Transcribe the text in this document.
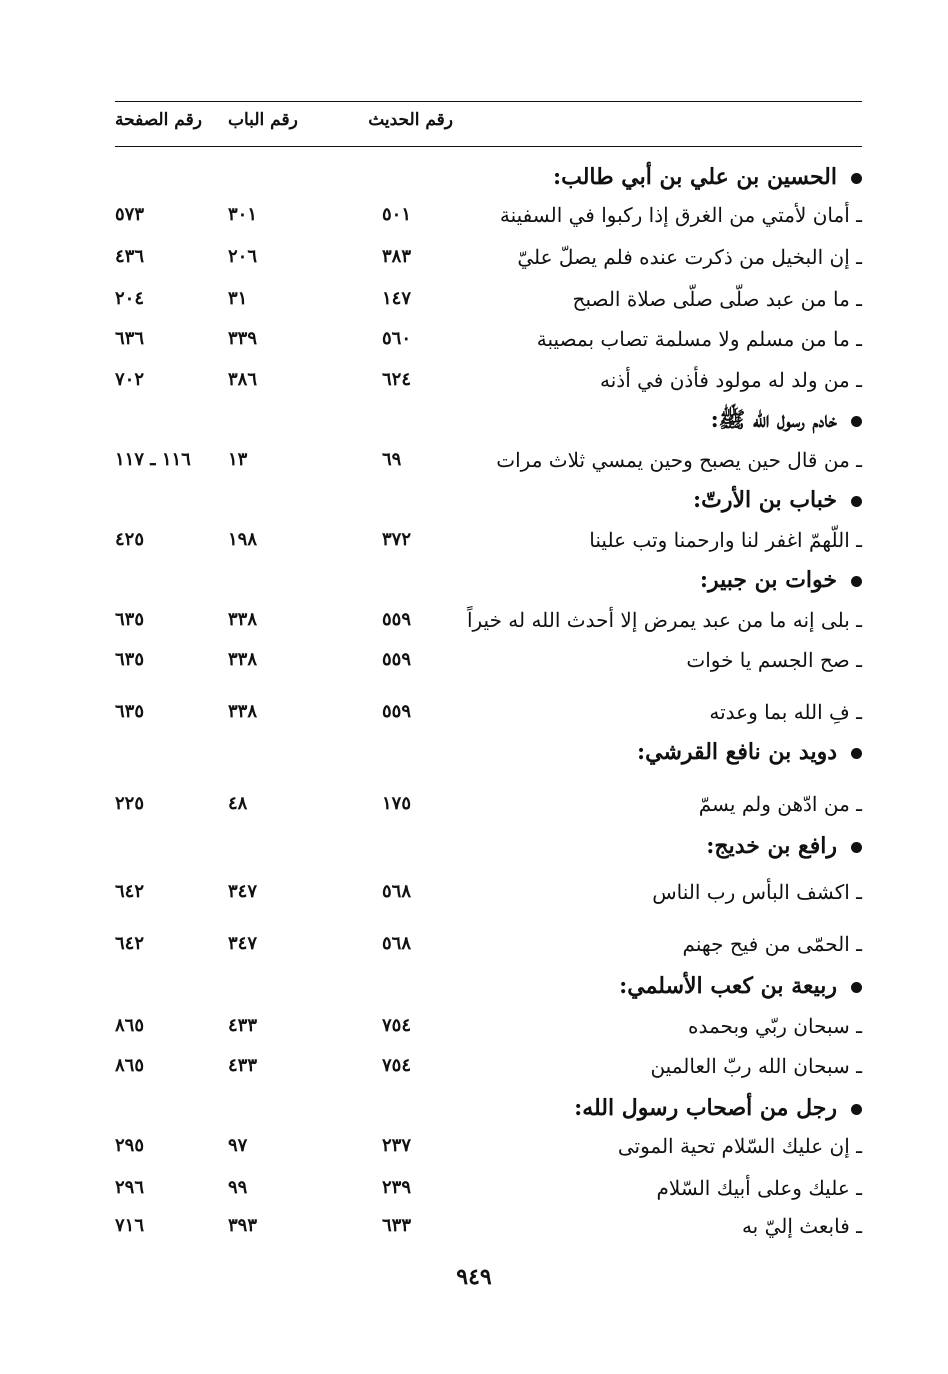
رقم الحديث
رقم الباب
رقم الصفحة
الحسين بن علي بن أبي طالب:
ـ أمان لأمتي من الغرق إذا ركبوا في السفينة
٥٠١
٣٠١
٥٧٣
ـ إن البخيل من ذكرت عنده فلم يصلّ عليّ
٣٨٣
٢٠٦
٤٣٦
ـ ما من عبد صلّى صلّى صلاة الصبح
١٤٧
٣١
٢٠٤
ـ ما من مسلم ولا مسلمة تصاب بمصيبة
٥٦٠
٣٣٩
٦٣٦
ـ من ولد له مولود فأذن في أذنه
٦٢٤
٣٨٦
٧٠٢
خادم رسول الله ﷺ:
ـ من قال حين يصبح وحين يمسي ثلاث مرات
٦٩
١٣
١١٦ ـ ١١٧
خباب بن الأرتّ:
ـ اللّهمّ اغفر لنا وارحمنا وتب علينا
٣٧٢
١٩٨
٤٢٥
خوات بن جبير:
ـ بلى إنه ما من عبد يمرض إلا أحدث الله له خيراً
٥٥٩
٣٣٨
٦٣٥
ـ صح الجسم يا خوات
٥٥٩
٣٣٨
٦٣٥
ـ فِ الله بما وعدته
٥٥٩
٣٣٨
٦٣٥
دويد بن نافع القرشي:
ـ من ادّهن ولم يسمّ
١٧٥
٤٨
٢٢٥
رافع بن خديج:
ـ اكشف البأس رب الناس
٥٦٨
٣٤٧
٦٤٢
ـ الحمّى من فيح جهنم
٥٦٨
٣٤٧
٦٤٢
ربيعة بن كعب الأسلمي:
ـ سبحان ربّي وبحمده
٧٥٤
٤٣٣
٨٦٥
ـ سبحان الله ربّ العالمين
٧٥٤
٤٣٣
٨٦٥
رجل من أصحاب رسول الله:
ـ إن عليك السّلام تحية الموتى
٢٣٧
٩٧
٢٩٥
ـ عليك وعلى أبيك السّلام
٢٣٩
٩٩
٢٩٦
ـ فابعث إليّ به
٦٣٣
٣٩٣
٧١٦
٩٤٩
